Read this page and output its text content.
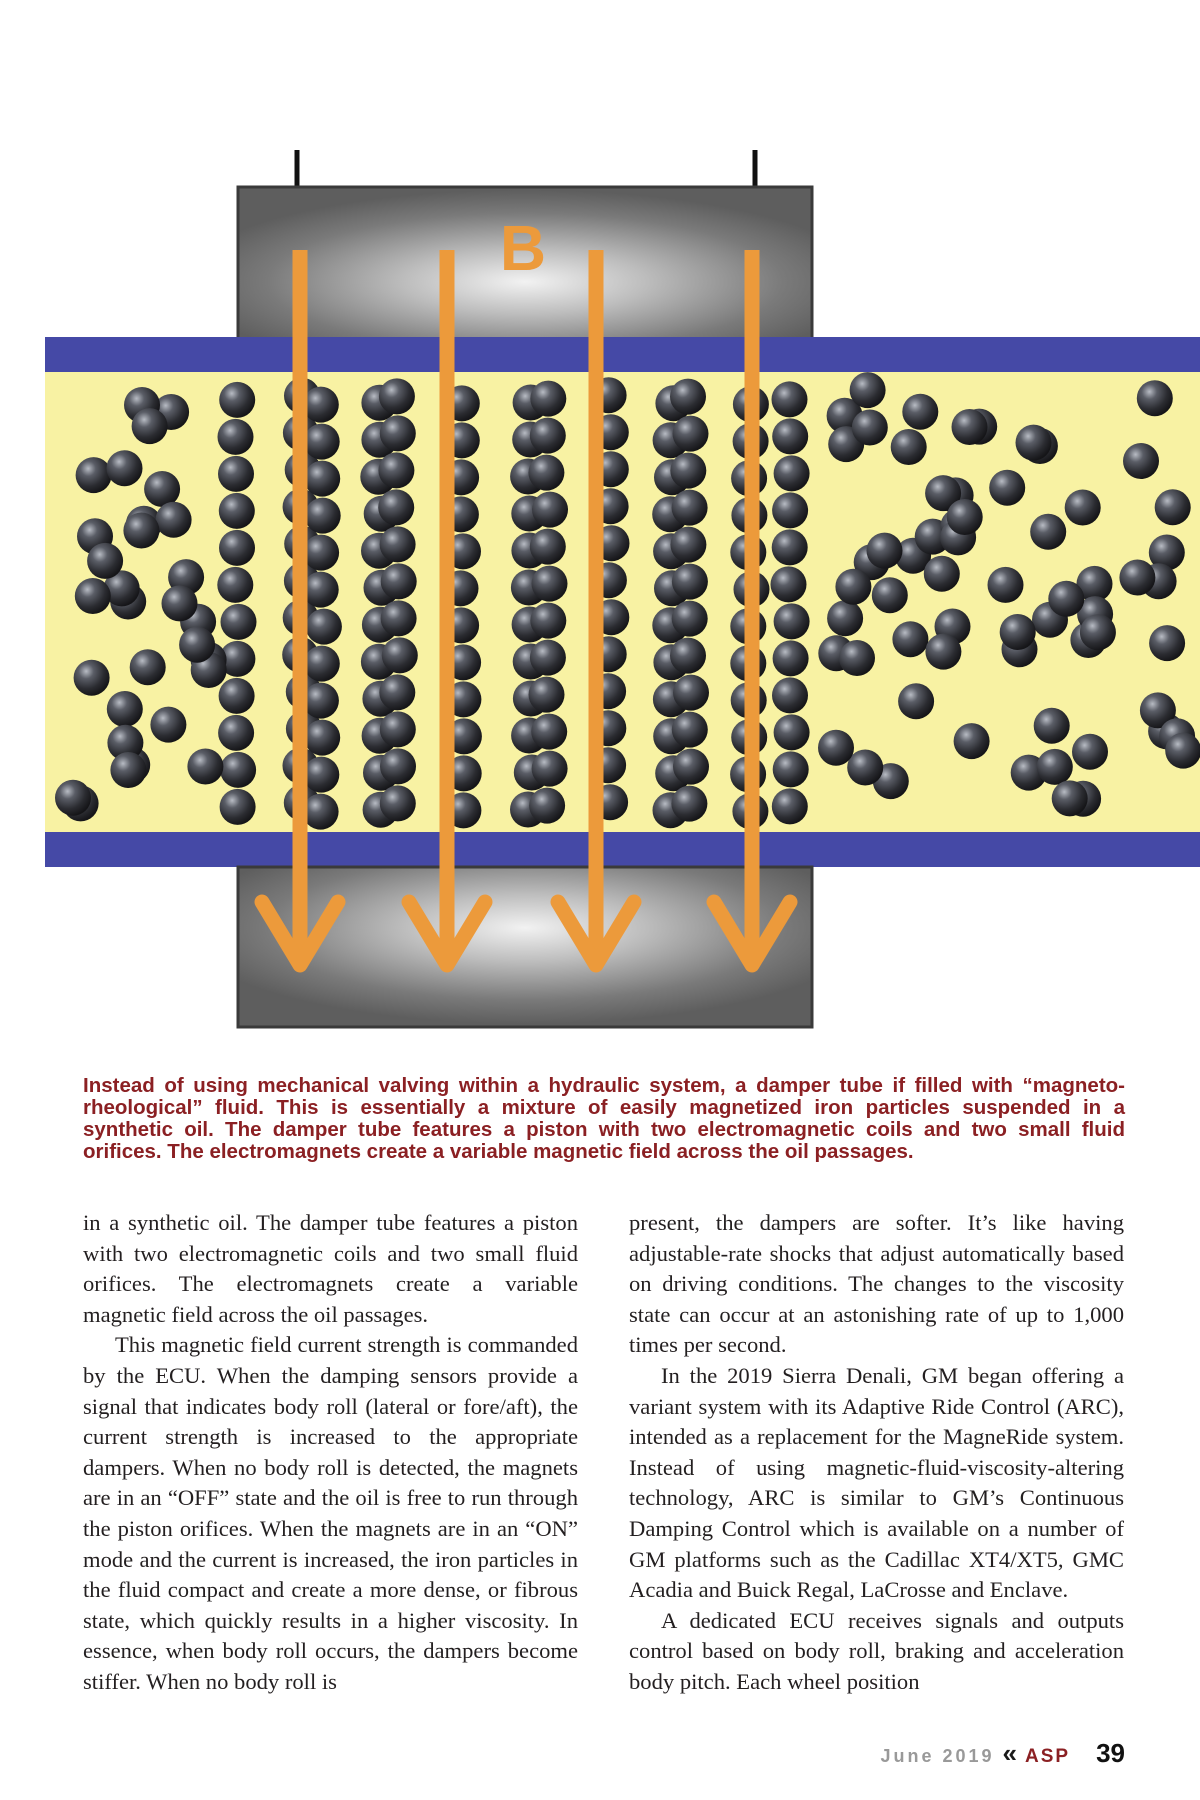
B

Instead of using mechanical valving within a hydraulic system, a damper tube if filled with “magneto-rheological” fluid. This is essentially a mixture of easily magnetized iron particles suspended in a synthetic oil. The damper tube features a piston with two electromagnetic coils and two small fluid orifices. The electromagnets create a variable magnetic field across the oil passages.

in a synthetic oil. The damper tube features a piston with two electromagnetic coils and two small fluid orifices. The electromagnets create a variable magnetic field across the oil passages.

This magnetic field current strength is commanded by the ECU. When the damping sensors provide a signal that indicates body roll (lateral or fore/aft), the current strength is increased to the appropriate dampers. When no body roll is detected, the magnets are in an “OFF” state and the oil is free to run through the piston orifices. When the magnets are in an “ON” mode and the current is increased, the iron particles in the fluid compact and create a more dense, or fibrous state, which quickly results in a higher viscosity. In essence, when body roll occurs, the dampers become stiffer. When no body roll is

present, the dampers are softer. It’s like having adjustable-rate shocks that adjust automatically based on driving conditions. The changes to the viscosity state can occur at an astonishing rate of up to 1,000 times per second.

In the 2019 Sierra Denali, GM began offering a variant system with its Adaptive Ride Control (ARC), intended as a replacement for the MagneRide system. Instead of using magnetic-fluid-viscosity-altering technology, ARC is similar to GM’s Continuous Damping Control which is available on a number of GM platforms such as the Cadillac XT4/XT5, GMC Acadia and Buick Regal, LaCrosse and Enclave.

A dedicated ECU receives signals and outputs control based on body roll, braking and acceleration body pitch. Each wheel position

June 2019 « ASP 39
